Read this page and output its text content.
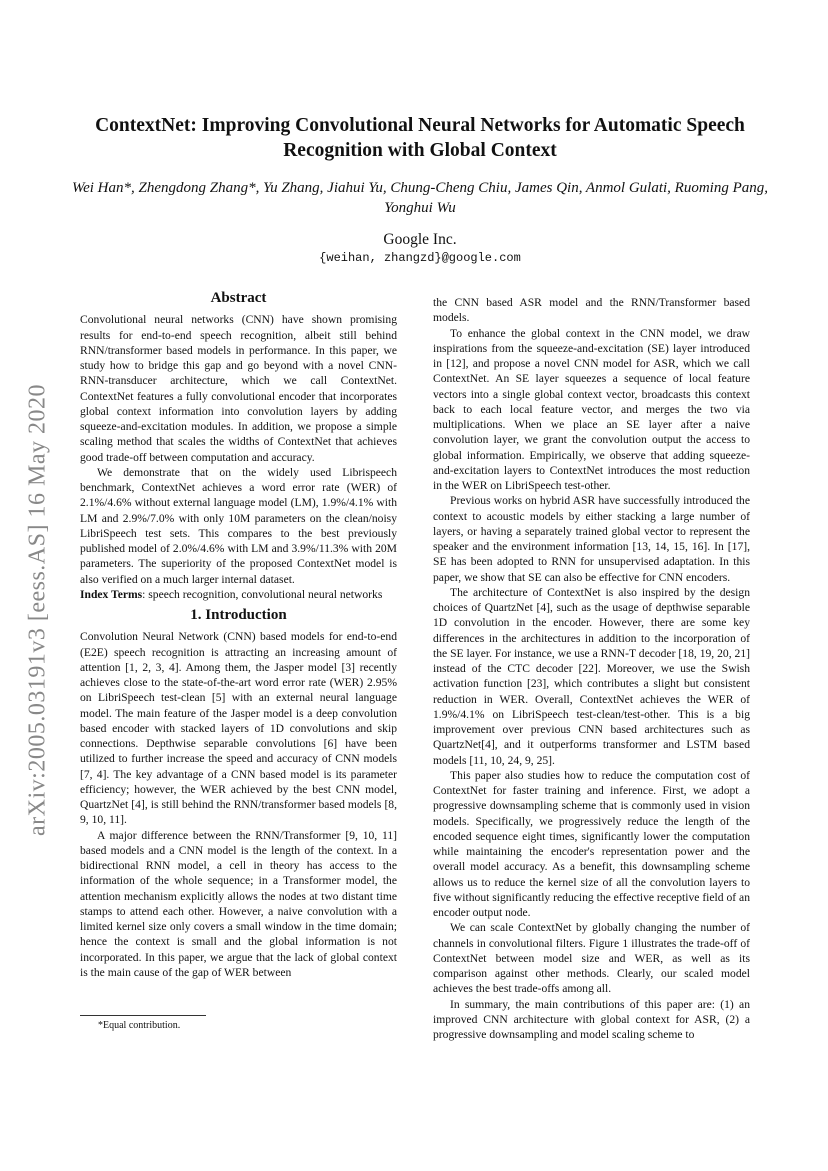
arXiv:2005.03191v3 [eess.AS] 16 May 2020
ContextNet: Improving Convolutional Neural Networks for Automatic Speech Recognition with Global Context
Wei Han*, Zhengdong Zhang*, Yu Zhang, Jiahui Yu, Chung-Cheng Chiu, James Qin, Anmol Gulati, Ruoming Pang, Yonghui Wu
Google Inc.
{weihan, zhangzd}@google.com
Abstract

Convolutional neural networks (CNN) have shown promising results for end-to-end speech recognition, albeit still behind RNN/transformer based models in performance. In this paper, we study how to bridge this gap and go beyond with a novel CNN-RNN-transducer architecture, which we call ContextNet. ContextNet features a fully convolutional encoder that incorporates global context information into convolution layers by adding squeeze-and-excitation modules. In addition, we propose a simple scaling method that scales the widths of ContextNet that achieves good trade-off between computation and accuracy.

We demonstrate that on the widely used Librispeech benchmark, ContextNet achieves a word error rate (WER) of 2.1%/4.6% without external language model (LM), 1.9%/4.1% with LM and 2.9%/7.0% with only 10M parameters on the clean/noisy LibriSpeech test sets. This compares to the best previously published model of 2.0%/4.6% with LM and 3.9%/11.3% with 20M parameters. The superiority of the proposed ContextNet model is also verified on a much larger internal dataset.

Index Terms: speech recognition, convolutional neural networks

1. Introduction

Convolution Neural Network (CNN) based models for end-to-end (E2E) speech recognition is attracting an increasing amount of attention [1, 2, 3, 4]. Among them, the Jasper model [3] recently achieves close to the state-of-the-art word error rate (WER) 2.95% on LibriSpeech test-clean [5] with an external neural language model. The main feature of the Jasper model is a deep convolution based encoder with stacked layers of 1D convolutions and skip connections. Depthwise separable convolutions [6] have been utilized to further increase the speed and accuracy of CNN models [7, 4]. The key advantage of a CNN based model is its parameter efficiency; however, the WER achieved by the best CNN model, QuartzNet [4], is still behind the RNN/transformer based models [8, 9, 10, 11].

A major difference between the RNN/Transformer [9, 10, 11] based models and a CNN model is the length of the context. In a bidirectional RNN model, a cell in theory has access to the information of the whole sequence; in a Transformer model, the attention mechanism explicitly allows the nodes at two distant time stamps to attend each other. However, a naive convolution with a limited kernel size only covers a small window in the time domain; hence the context is small and the global information is not incorporated. In this paper, we argue that the lack of global context is the main cause of the gap of WER between

the CNN based ASR model and the RNN/Transformer based models.

To enhance the global context in the CNN model, we draw inspirations from the squeeze-and-excitation (SE) layer introduced in [12], and propose a novel CNN model for ASR, which we call ContextNet. An SE layer squeezes a sequence of local feature vectors into a single global context vector, broadcasts this context back to each local feature vector, and merges the two via multiplications. When we place an SE layer after a naive convolution layer, we grant the convolution output the access to global information. Empirically, we observe that adding squeeze-and-excitation layers to ContextNet introduces the most reduction in the WER on LibriSpeech test-other.

Previous works on hybrid ASR have successfully introduced the context to acoustic models by either stacking a large number of layers, or having a separately trained global vector to represent the speaker and the environment information [13, 14, 15, 16]. In [17], SE has been adopted to RNN for unsupervised adaptation. In this paper, we show that SE can also be effective for CNN encoders.

The architecture of ContextNet is also inspired by the design choices of QuartzNet [4], such as the usage of depthwise separable 1D convolution in the encoder. However, there are some key differences in the architectures in addition to the incorporation of the SE layer. For instance, we use a RNN-T decoder [18, 19, 20, 21] instead of the CTC decoder [22]. Moreover, we use the Swish activation function [23], which contributes a slight but consistent reduction in WER. Overall, ContextNet achieves the WER of 1.9%/4.1% on LibriSpeech test-clean/test-other. This is a big improvement over previous CNN based architectures such as QuartzNet[4], and it outperforms transformer and LSTM based models [11, 10, 24, 9, 25].

This paper also studies how to reduce the computation cost of ContextNet for faster training and inference. First, we adopt a progressive downsampling scheme that is commonly used in vision models. Specifically, we progressively reduce the length of the encoded sequence eight times, significantly lower the computation while maintaining the encoder's representation power and the overall model accuracy. As a benefit, this downsampling scheme allows us to reduce the kernel size of all the convolution layers to five without significantly reducing the effective receptive field of an encoder output node.

We can scale ContextNet by globally changing the number of channels in convolutional filters. Figure 1 illustrates the trade-off of ContextNet between model size and WER, as well as its comparison against other methods. Clearly, our scaled model achieves the best trade-offs among all.

In summary, the main contributions of this paper are: (1) an improved CNN architecture with global context for ASR, (2) a progressive downsampling and model scaling scheme to

*Equal contribution.
